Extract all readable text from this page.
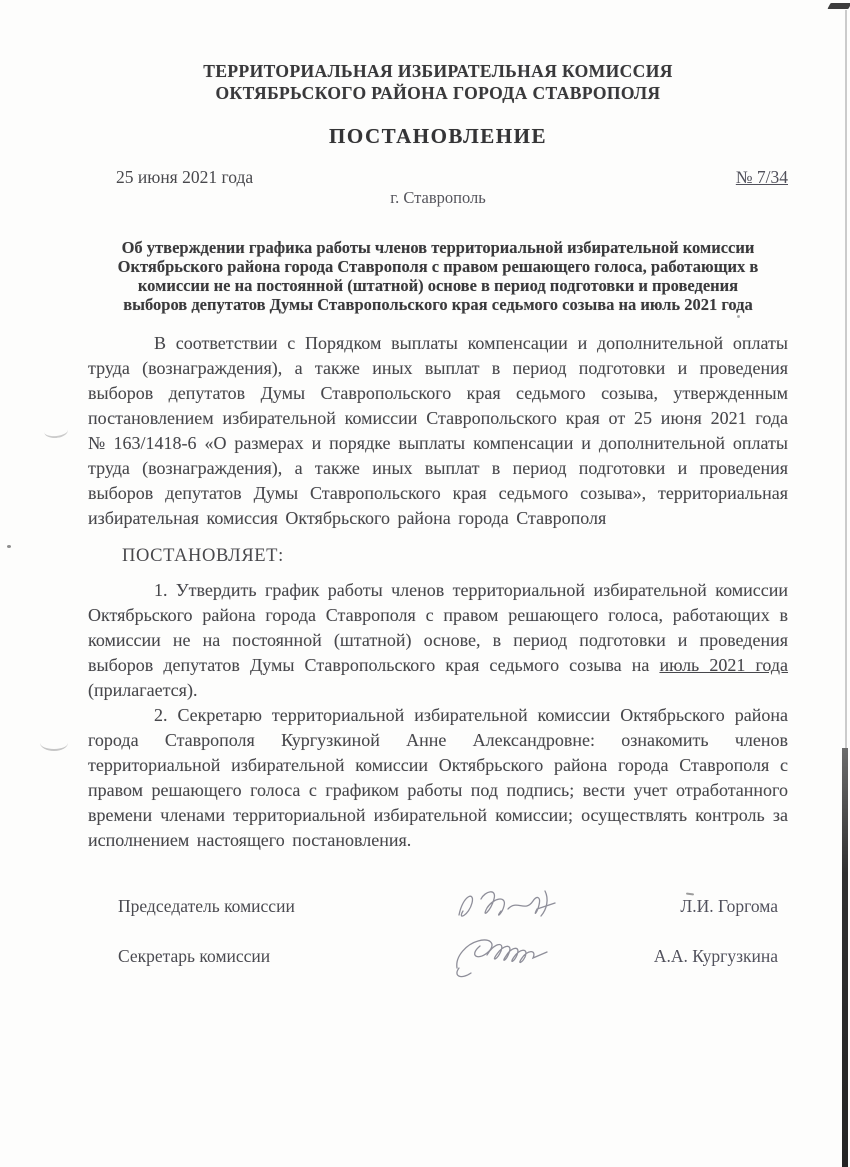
ТЕРРИТОРИАЛЬНАЯ ИЗБИРАТЕЛЬНАЯ КОМИССИЯ
ОКТЯБРЬСКОГО РАЙОНА ГОРОДА СТАВРОПОЛЯ
ПОСТАНОВЛЕНИЕ
25 июня 2021 года	№ 7/34
г. Ставрополь
Об утверждении графика работы членов территориальной избирательной комиссии Октябрьского района города Ставрополя с правом решающего голоса, работающих в комиссии не на постоянной (штатной) основе в период подготовки и проведения выборов депутатов Думы Ставропольского края седьмого созыва на июль 2021 года

В соответствии с Порядком выплаты компенсации и дополнительной оплаты труда (вознаграждения), а также иных выплат в период подготовки и проведения выборов депутатов Думы Ставропольского края седьмого созыва, утвержденным постановлением избирательной комиссии Ставропольского края от 25 июня 2021 года № 163/1418-6 «О размерах и порядке выплаты компенсации и дополнительной оплаты труда (вознаграждения), а также иных выплат в период подготовки и проведения выборов депутатов Думы Ставропольского края седьмого созыва», территориальная избирательная комиссия Октябрьского района города Ставрополя

ПОСТАНОВЛЯЕТ:

1. Утвердить график работы членов территориальной избирательной комиссии Октябрьского района города Ставрополя с правом решающего голоса, работающих в комиссии не на постоянной (штатной) основе, в период подготовки и проведения выборов депутатов Думы Ставропольского края седьмого созыва на июль 2021 года (прилагается).

2. Секретарю территориальной избирательной комиссии Октябрьского района города Ставрополя Кургузкиной Анне Александровне: ознакомить членов территориальной избирательной комиссии Октябрьского района города Ставрополя с правом решающего голоса с графиком работы под подпись; вести учет отработанного времени членами территориальной избирательной комиссии; осуществлять контроль за исполнением настоящего постановления.

Председатель комиссии	Л.И. Горгома
Секретарь комиссии	А.А. Кургузкина
